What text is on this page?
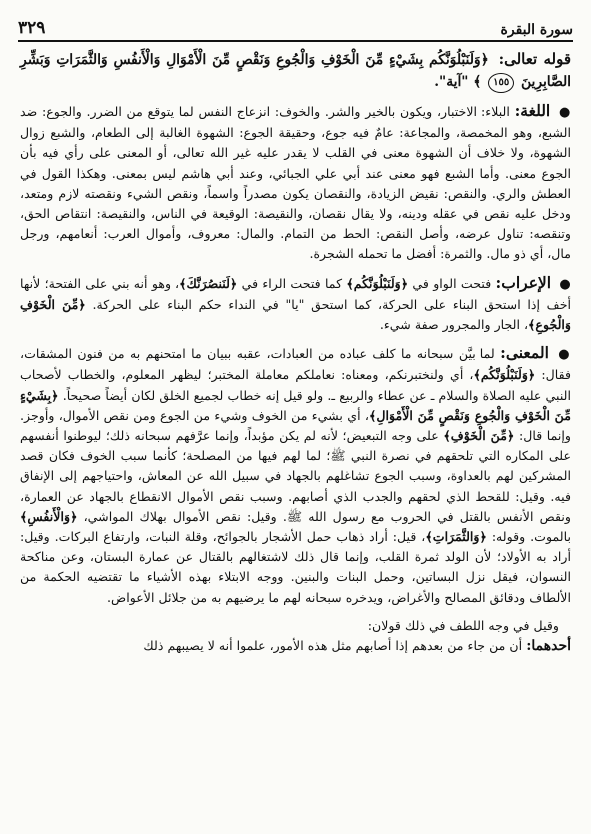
سورة البقرة
٣٢٩

قوله تعالى: ﴿وَلَنَبْلُوَنَّكُم بِشَيْءٍ مِّنَ الْخَوْفِ وَالْجُوعِ وَنَقْصٍ مِّنَ الْأَمْوَالِ وَالْأَنفُسِ وَالثَّمَرَاتِ وَبَشِّرِ الصَّابِرِينَ ١٥٥ ﴾ "آية".

● اللغة: البلاء: الاختبار، ويكون بالخير والشر. والخوف: انزعاج النفس لما يتوقع من الضرر. والجوع: ضد الشبع، وهو المخمصة، والمجاعة: عامٌ فيه جوع، وحقيقة الجوع: الشهوة الغالبة إلى الطعام، والشبع زوال الشهوة، ولا خلاف أن الشهوة معنى في القلب لا يقدر عليه غير الله تعالى، أو المعنى على رأي فيه بأن الجوع معنى. وأما الشبع فهو معنى عند أبي علي الجبائي، وعند أبي هاشم ليس بمعنى. وهكذا القول في العطش والري. والنقص: نقيض الزيادة، والنقصان يكون مصدراً واسماً، ونقص الشيء ونقصته لازم ومتعد، ودخل عليه نقص في عقله ودينه، ولا يقال نقصان، والنقيصة: الوقيعة في الناس، والنقيصة: انتقاص الحق، وتنقصه: تناول عرضه، وأصل النقص: الحط من التمام. والمال: معروف، وأموال العرب: أنعامهم، ورجل مال، أي ذو مال. والثمرة: أفضل ما تحمله الشجرة.

● الإعراب: فتحت الواو في ﴿وَلَنَبْلُوَنَّكُم﴾ كما فتحت الراء في ﴿لَنَنصُرَنَّكَ﴾، وهو أنه بني على الفتحة؛ لأنها أخف إذا استحق البناء على الحركة، كما استحق "يا" في النداء حكم البناء على الحركة. ﴿مِّنَ الْخَوْفِ وَالْجُوعِ﴾، الجار والمجرور صفة شيء.

● المعنى: لما بيَّن سبحانه ما كلف عباده من العبادات، عقبه ببيان ما امتحنهم به من فنون المشقات، فقال: ﴿وَلَنَبْلُوَنَّكُم﴾، أي ولنختبرنكم، ومعناه: نعاملكم معاملة المختبر؛ ليظهر المعلوم، والخطاب لأصحاب النبي عليه الصلاة والسلام ـ عن عطاء والربيع ـ. ولو قيل إنه خطاب لجميع الخلق لكان أيضاً صحيحاً. ﴿بِشَيْءٍ مِّنَ الْخَوْفِ وَالْجُوعِ وَنَقْصٍ مِّنَ الْأَمْوَالِ﴾، أي بشيء من الخوف وشيء من الجوع ومن نقص الأموال، وأوجز. وإنما قال: ﴿مِّنَ الْخَوْفِ﴾ على وجه التبعيض؛ لأنه لم يكن مؤبداً، وإنما عرَّفهم سبحانه ذلك؛ ليوطنوا أنفسهم على المكاره التي تلحقهم في نصرة النبي ﷺ؛ لما لهم فيها من المصلحة؛ كأنما سبب الخوف فكان قصد المشركين لهم بالعداوة، وسبب الجوع تشاغلهم بالجهاد في سبيل الله عن المعاش، واحتياجهم إلى الإنفاق فيه. وقيل: للقحط الذي لحقهم والجدب الذي أصابهم. وسبب نقص الأموال الانقطاع بالجهاد عن العمارة، ونقص الأنفس بالقتل في الحروب مع رسول الله ﷺ. وقيل: نقص الأموال بهلاك المواشي، ﴿وَالْأَنفُسِ﴾ بالموت. وقوله: ﴿وَالثَّمَرَاتِ﴾، قيل: أراد ذهاب حمل الأشجار بالجوائح، وقلة النبات، وارتفاع البركات. وقيل: أراد به الأولاد؛ لأن الولد ثمرة القلب، وإنما قال ذلك لاشتغالهم بالقتال عن عمارة البستان، وعن مناكحة النسوان، فيقل نزل البساتين، وحمل البنات والبنين. ووجه الابتلاء بهذه الأشياء ما تقتضيه الحكمة من الألطاف ودقائق المصالح والأغراض، ويدخره سبحانه لهم ما يرضيهم به من جلائل الأعواض.

وقيل في وجه اللطف في ذلك قولان:

أحدهما: أن من جاء من بعدهم إذا أصابهم مثل هذه الأمور، علموا أنه لا يصيبهم ذلك
